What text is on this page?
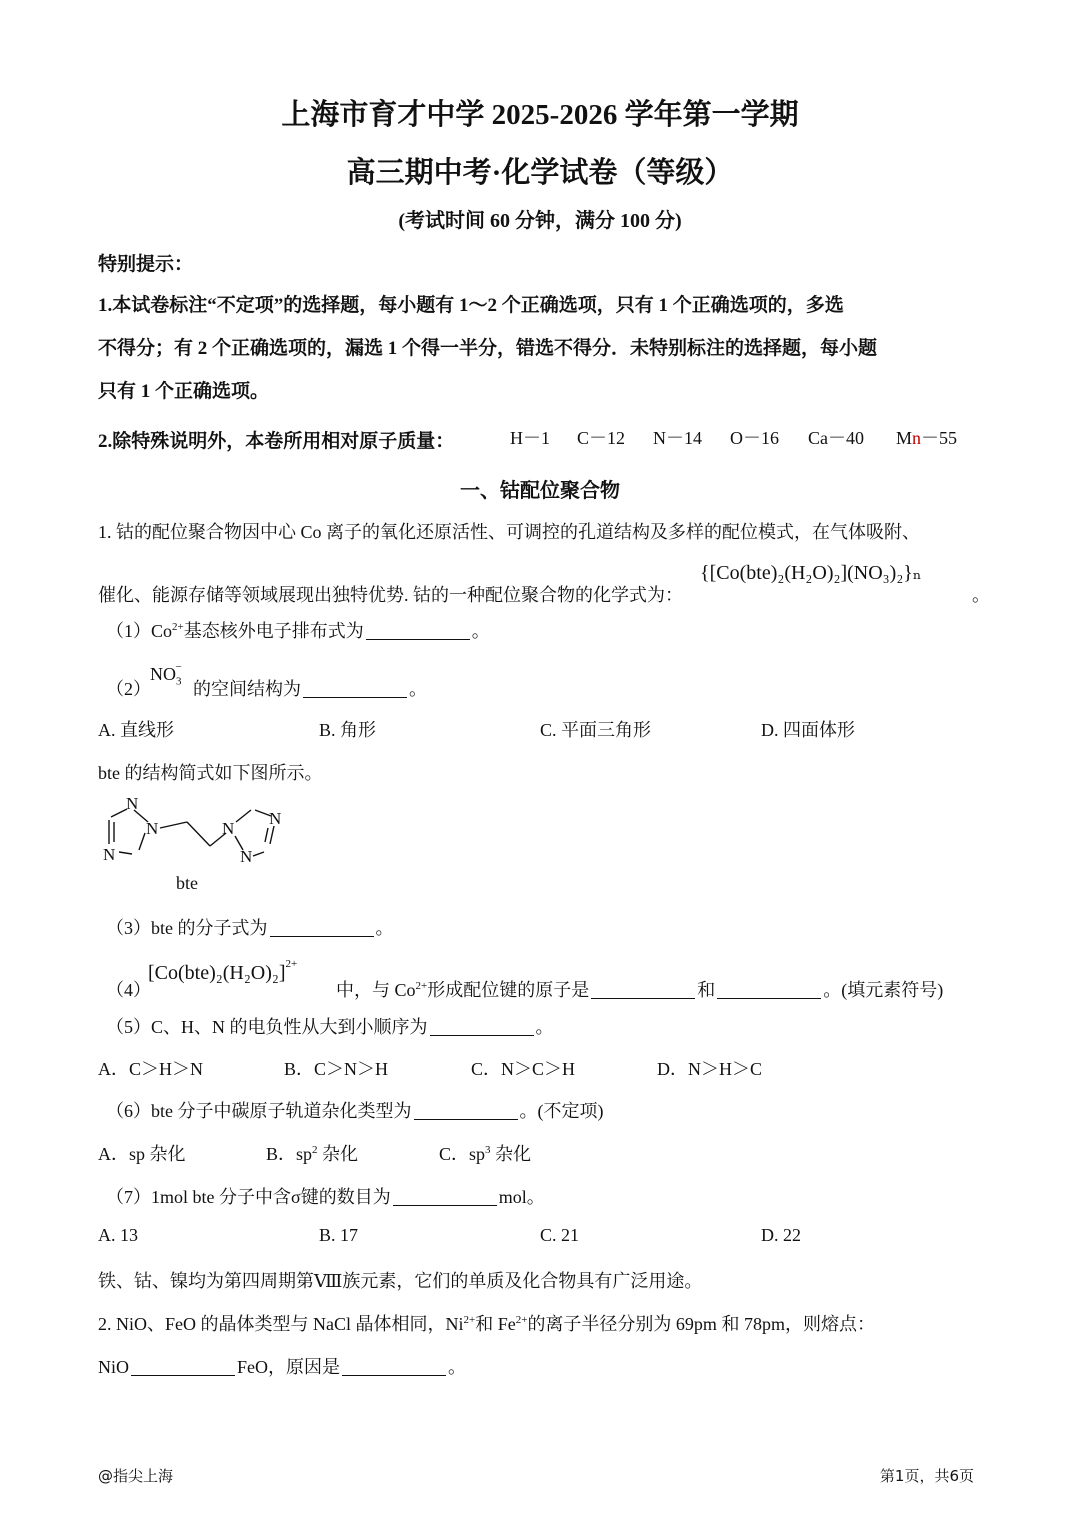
上海市育才中学 2025-2026 学年第一学期
高三期中考·化学试卷（等级）
(考试时间 60 分钟，满分 100 分)
特别提示：
1.本试卷标注“不定项”的选择题，每小题有 1～2 个正确选项，只有 1 个正确选项的，多选
不得分；有 2 个正确选项的，漏选 1 个得一半分，错选不得分．未特别标注的选择题，每小题
只有 1 个正确选项。
2.除特殊说明外，本卷所用相对原子质量：	H－1 C－12 N－14 O－16 Ca－40 Mn－55
一、钴配位聚合物
1. 钴的配位聚合物因中心 Co 离子的氧化还原活性、可调控的孔道结构及多样的配位模式，在气体吸附、
催化、能源存储等领域展现出独特优势. 钴的一种配位聚合物的化学式为：
{[Co(bte)₂(H₂O)₂](NO₃)₂}ₙ
。
$(1)Co^{2+}$基态核外电子排布式为	。
（2）
$NO_3^-$
的空间结构为	。
A. 直线形	B. 角形	C. 平面三角形	D. 四面体形
bte 的结构简式如下图所示。
N
N
N
N
N
N
bte
（3）bte 的分子式为	。
（4）
$[Co(bte)_2(H_2O)_2]^{2+}$
中，与 $Co^{2+}$形成配位键的原子是	和	。(填元素符号)
（5）C、H、N 的电负性从大到小顺序为	。
A．C＞H＞N	B．C＞N＞H	C．N＞C＞H	D．N＞H＞C
（6）bte 分子中碳原子轨道杂化类型为	。(不定项)
A．sp 杂化	B．$sp^2$ 杂化	C．$sp^3$ 杂化
（7）1mol bte 分子中含σ键的数目为	mol。
A. 13	B. 17	C. 21	D. 22
铁、钴、镍均为第四周期第Ⅷ族元素，它们的单质及化合物具有广泛用途。
2. NiO、FeO 的晶体类型与 NaCl 晶体相同，$Ni^{2+}$和 $Fe^{2+}$的离子半径分别为 69pm 和 78pm，则熔点：
NiO	FeO，原因是	。
@指尖上海	第1页，共6页
